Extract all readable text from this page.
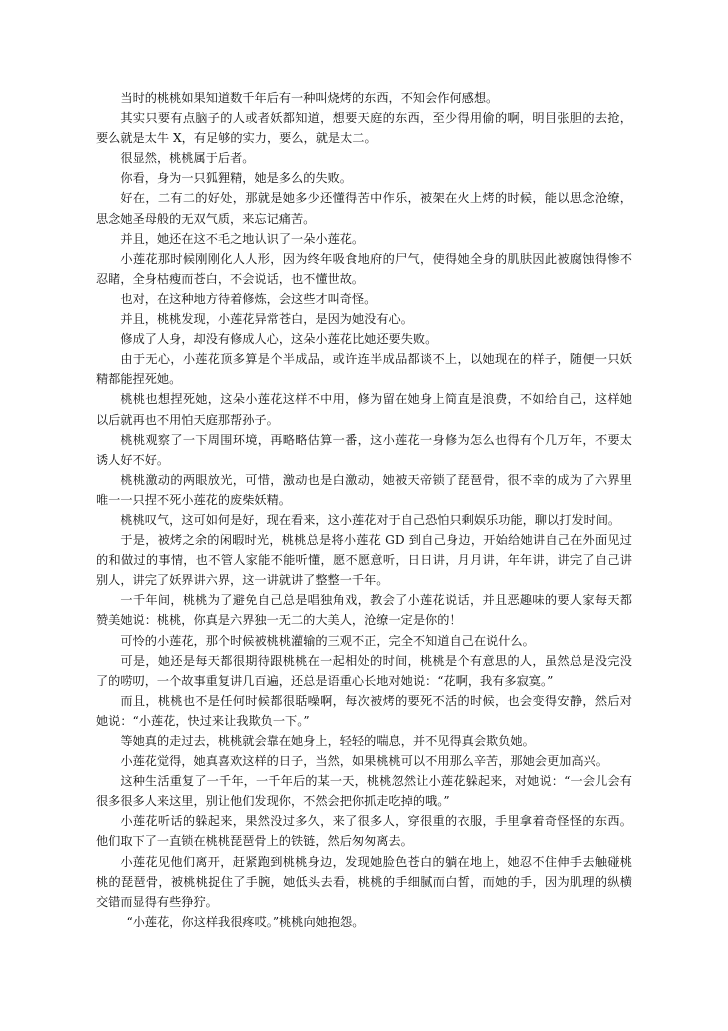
当时的桃桃如果知道数千年后有一种叫烧烤的东西，不知会作何感想。

其实只要有点脑子的人或者妖都知道，想要天庭的东西，至少得用偷的啊，明目张胆的去抢，要么就是太牛 X，有足够的实力，要么，就是太二。

很显然，桃桃属于后者。

你看，身为一只狐狸精，她是多么的失败。

好在，二有二的好处，那就是她多少还懂得苦中作乐，被架在火上烤的时候，能以思念沧缭，思念她圣母般的无双气质，来忘记痛苦。

并且，她还在这不毛之地认识了一朵小莲花。

小莲花那时候刚刚化人人形，因为终年吸食地府的尸气，使得她全身的肌肤因此被腐蚀得惨不忍睹，全身枯瘦而苍白，不会说话，也不懂世故。

也对，在这种地方待着修炼，会这些才叫奇怪。

并且，桃桃发现，小莲花异常苍白，是因为她没有心。

修成了人身，却没有修成人心，这朵小莲花比她还要失败。

由于无心，小莲花顶多算是个半成品，或许连半成品都谈不上，以她现在的样子，随便一只妖精都能捏死她。

桃桃也想捏死她，这朵小莲花这样不中用，修为留在她身上简直是浪费，不如给自己，这样她以后就再也不用怕天庭那帮孙子。

桃桃观察了一下周围环境，再略略估算一番，这小莲花一身修为怎么也得有个几万年，不要太诱人好不好。

桃桃激动的两眼放光，可惜，激动也是白激动，她被天帝锁了琵琶骨，很不幸的成为了六界里唯一一只捏不死小莲花的废柴妖精。

桃桃叹气，这可如何是好，现在看来，这小莲花对于自己恐怕只剩娱乐功能，聊以打发时间。

于是，被烤之余的闲暇时光，桃桃总是将小莲花 GD 到自己身边，开始给她讲自己在外面见过的和做过的事情，也不管人家能不能听懂，愿不愿意听，日日讲，月月讲，年年讲，讲完了自己讲别人，讲完了妖界讲六界，这一讲就讲了整整一千年。

一千年间，桃桃为了避免自己总是唱独角戏，教会了小莲花说话，并且恶趣味的要人家每天都赞美她说：桃桃，你真是六界独一无二的大美人，沧缭一定是你的！

可怜的小莲花，那个时候被桃桃灌输的三观不正，完全不知道自己在说什么。

可是，她还是每天都很期待跟桃桃在一起相处的时间，桃桃是个有意思的人，虽然总是没完没了的唠叨，一个故事重复讲几百遍，还总是语重心长地对她说：“花啊，我有多寂寞。”

而且，桃桃也不是任何时候都很聒噪啊，每次被烤的要死不活的时候，也会变得安静，然后对她说：“小莲花，快过来让我欺负一下。”

等她真的走过去，桃桃就会靠在她身上，轻轻的喘息，并不见得真会欺负她。

小莲花觉得，她真喜欢这样的日子，当然，如果桃桃可以不用那么辛苦，那她会更加高兴。

这种生活重复了一千年，一千年后的某一天，桃桃忽然让小莲花躲起来，对她说：“一会儿会有很多很多人来这里，别让他们发现你，不然会把你抓走吃掉的哦。”

小莲花听话的躲起来，果然没过多久，来了很多人，穿很重的衣服，手里拿着奇怪怪的东西。他们取下了一直锁在桃桃琵琶骨上的铁链，然后匆匆离去。

小莲花见他们离开，赶紧跑到桃桃身边，发现她脸色苍白的躺在地上，她忍不住伸手去触碰桃桃的琵琶骨，被桃桃捉住了手腕，她低头去看，桃桃的手细腻而白皙，而她的手，因为肌理的纵横交错而显得有些狰狞。

“小莲花，你这样我很疼哎。”桃桃向她抱怨。
